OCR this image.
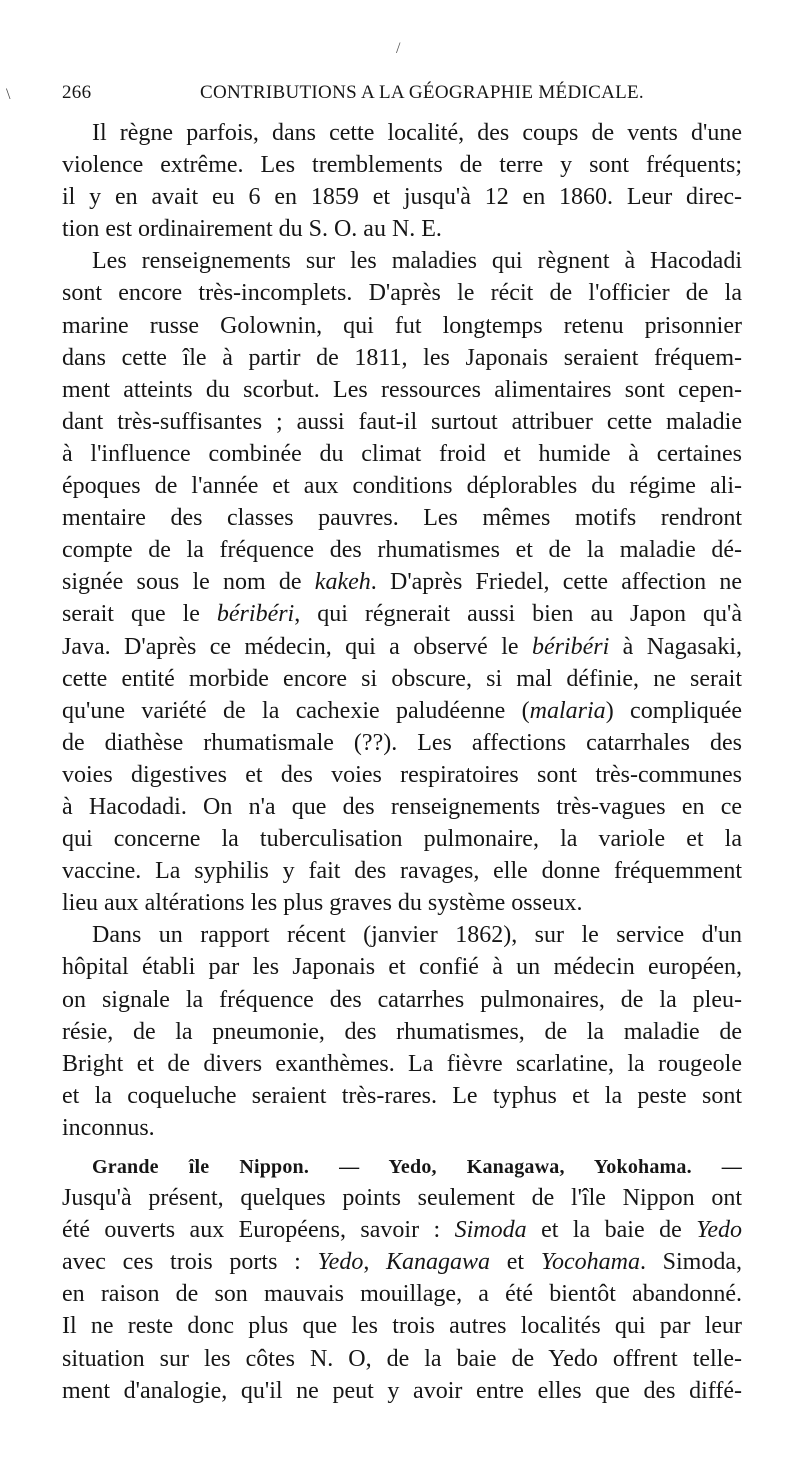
\
/
266	CONTRIBUTIONS A LA GÉOGRAPHIE MÉDICALE.
Il règne parfois, dans cette localité, des coups de vents d'une
violence extrême. Les tremblements de terre y sont fréquents;
il y en avait eu 6 en 1859 et jusqu'à 12 en 1860. Leur direc-
tion est ordinairement du S. O. au N. E.
Les renseignements sur les maladies qui règnent à Hacodadi
sont encore très-incomplets. D'après le récit de l'officier de la
marine russe Golownin, qui fut longtemps retenu prisonnier
dans cette île à partir de 1811, les Japonais seraient fréquem-
ment atteints du scorbut. Les ressources alimentaires sont cepen-
dant très-suffisantes ; aussi faut-il surtout attribuer cette maladie
à l'influence combinée du climat froid et humide à certaines
époques de l'année et aux conditions déplorables du régime ali-
mentaire des classes pauvres. Les mêmes motifs rendront
compte de la fréquence des rhumatismes et de la maladie dé-
signée sous le nom de kakeh. D'après Friedel, cette affection ne
serait que le béribéri, qui régnerait aussi bien au Japon qu'à
Java. D'après ce médecin, qui a observé le béribéri à Nagasaki,
cette entité morbide encore si obscure, si mal définie, ne serait
qu'une variété de la cachexie paludéenne (malaria) compliquée
de diathèse rhumatismale (??). Les affections catarrhales des
voies digestives et des voies respiratoires sont très-communes
à Hacodadi. On n'a que des renseignements très-vagues en ce
qui concerne la tuberculisation pulmonaire, la variole et la
vaccine. La syphilis y fait des ravages, elle donne fréquemment
lieu aux altérations les plus graves du système osseux.
Dans un rapport récent (janvier 1862), sur le service d'un
hôpital établi par les Japonais et confié à un médecin européen,
on signale la fréquence des catarrhes pulmonaires, de la pleu-
résie, de la pneumonie, des rhumatismes, de la maladie de
Bright et de divers exanthèmes. La fièvre scarlatine, la rougeole
et la coqueluche seraient très-rares. Le typhus et la peste sont
inconnus.
Grande île Nippon. — Yedo, Kanagawa, Yokohama. —
Jusqu'à présent, quelques points seulement de l'île Nippon ont
été ouverts aux Européens, savoir : Simoda et la baie de Yedo
avec ces trois ports : Yedo, Kanagawa et Yocohama. Simoda,
en raison de son mauvais mouillage, a été bientôt abandonné.
Il ne reste donc plus que les trois autres localités qui par leur
situation sur les côtes N. O, de la baie de Yedo offrent telle-
ment d'analogie, qu'il ne peut y avoir entre elles que des diffé-
